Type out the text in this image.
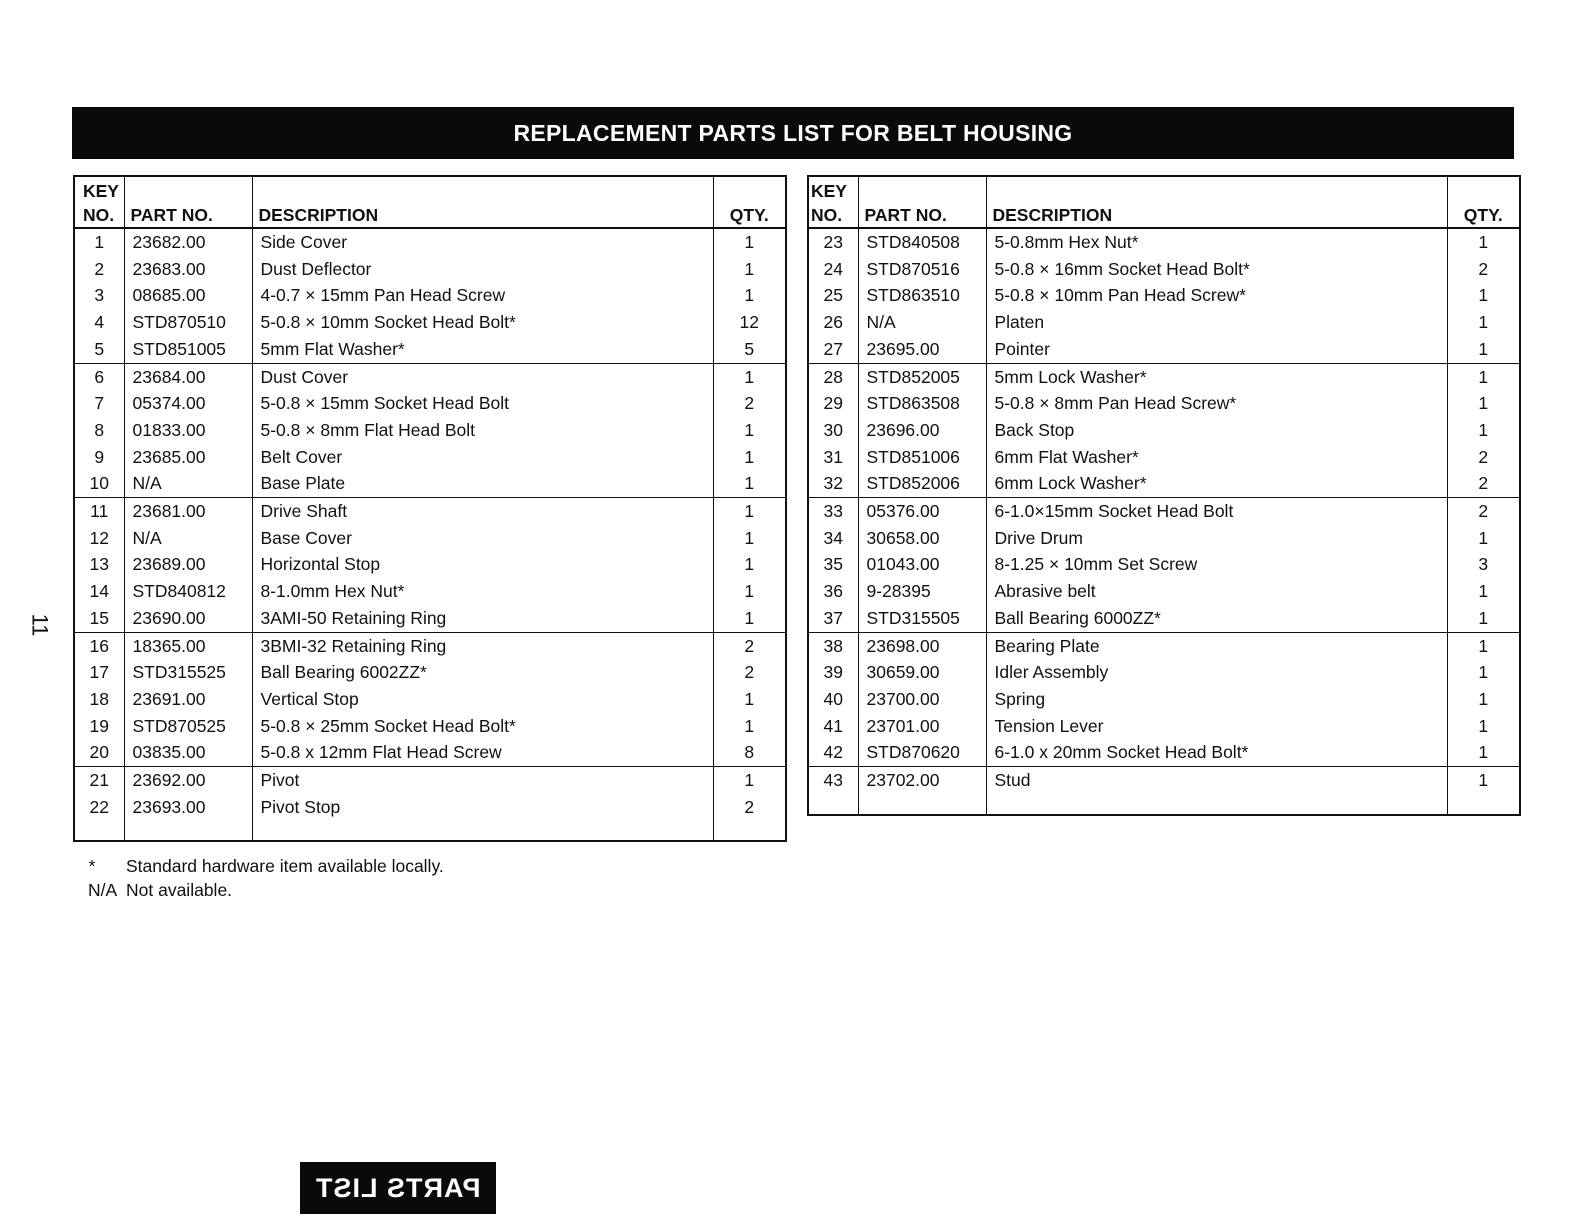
REPLACEMENT PARTS LIST FOR BELT HOUSING
KEY NO.	PART NO.	DESCRIPTION	QTY.
1	23682.00	Side Cover	1
2	23683.00	Dust Deflector	1
3	08685.00	4-0.7 × 15mm Pan Head Screw	1
4	STD870510	5-0.8 × 10mm Socket Head Bolt*	12
5	STD851005	5mm Flat Washer*	5
6	23684.00	Dust Cover	1
7	05374.00	5-0.8 × 15mm Socket Head Bolt	2
8	01833.00	5-0.8 × 8mm Flat Head Bolt	1
9	23685.00	Belt Cover	1
10	N/A	Base Plate	1
11	23681.00	Drive Shaft	1
12	N/A	Base Cover	1
13	23689.00	Horizontal Stop	1
14	STD840812	8-1.0mm Hex Nut*	1
15	23690.00	3AMI-50 Retaining Ring	1
16	18365.00	3BMI-32 Retaining Ring	2
17	STD315525	Ball Bearing 6002ZZ*	2
18	23691.00	Vertical Stop	1
19	STD870525	5-0.8 × 25mm Socket Head Bolt*	1
20	03835.00	5-0.8 x 12mm Flat Head Screw	8
21	23692.00	Pivot	1
22	23693.00	Pivot Stop	2

KEY NO.	PART NO.	DESCRIPTION	QTY.
23	STD840508	5-0.8mm Hex Nut*	1
24	STD870516	5-0.8 × 16mm Socket Head Bolt*	2
25	STD863510	5-0.8 × 10mm Pan Head Screw*	1
26	N/A	Platen	1
27	23695.00	Pointer	1
28	STD852005	5mm Lock Washer*	1
29	STD863508	5-0.8 × 8mm Pan Head Screw*	1
30	23696.00	Back Stop	1
31	STD851006	6mm Flat Washer*	2
32	STD852006	6mm Lock Washer*	2
33	05376.00	6-1.0×15mm Socket Head Bolt	2
34	30658.00	Drive Drum	1
35	01043.00	8-1.25 × 10mm Set Screw	3
36	9-28395	Abrasive belt	1
37	STD315505	Ball Bearing 6000ZZ*	1
38	23698.00	Bearing Plate	1
39	30659.00	Idler Assembly	1
40	23700.00	Spring	1
41	23701.00	Tension Lever	1
42	STD870620	6-1.0 x 20mm Socket Head Bolt*	1
43	23702.00	Stud	1

* Standard hardware item available locally.
N/A Not available.
11
PARTS LIST
